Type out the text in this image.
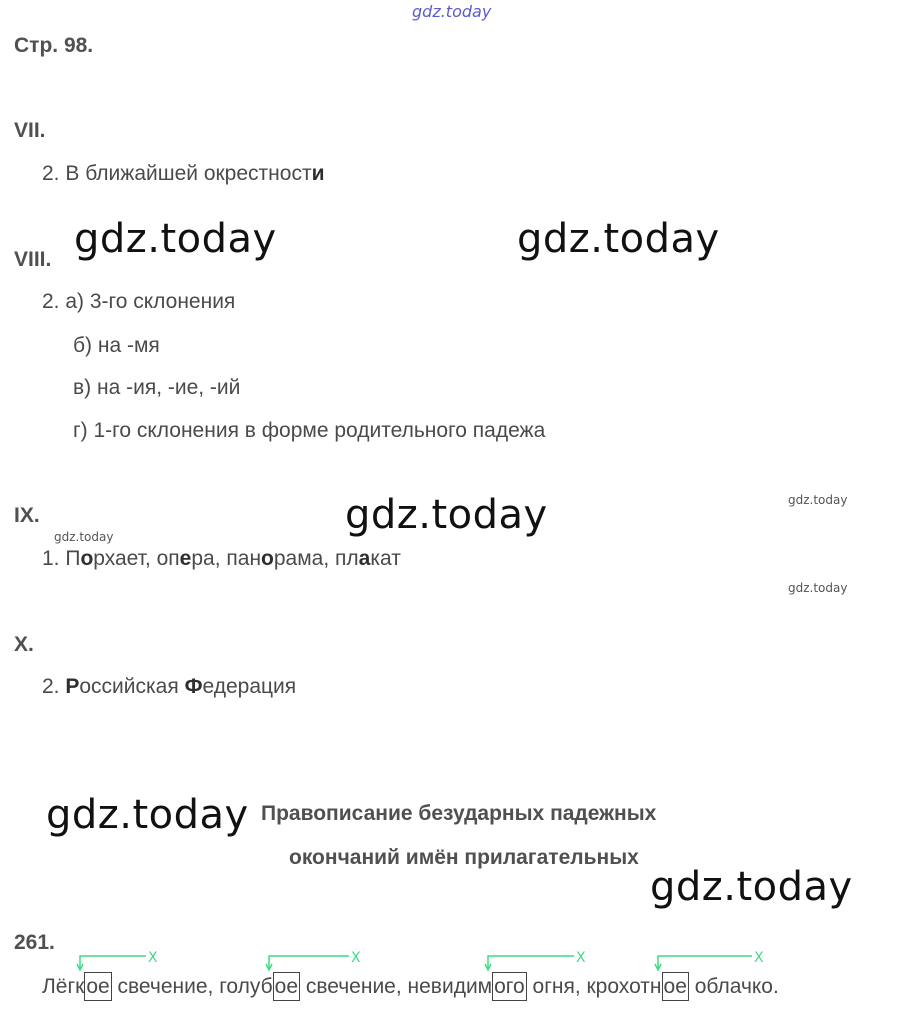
gdz.today
Стр. 98.
VII.
2. В ближайшей окрестности
VIII.
2. а) 3-го склонения
б) на -мя
в) на -ия, -ие, -ий
г) 1-го склонения в форме родительного падежа
IX.
1. Порхает, опера, панорама, плакат
X.
2. Российская Федерация
Правописание безударных падежных
окончаний имён прилагательных
261.
Лёгк
Х
ое свечение, голуб
Х
ое свечение, невидим
Х
ого огня, крохотн
Х
ое облачко.
gdz.today	gdz.today
gdz.today
gdz.today
gdz.today
gdz.today
gdz.today
gdz.today
